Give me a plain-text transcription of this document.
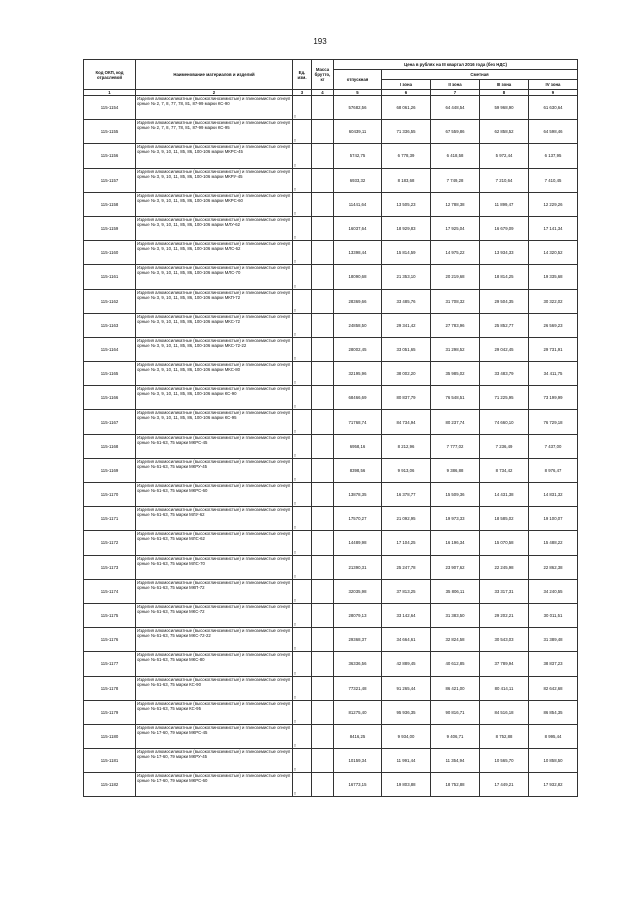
193
Код ОКП, код отраслевой	Наименование материалов и изделий	Ед. изм.	Масса брутто, кг	Цена в рублях на III квартал 2016 года (без НДС)				
				отпускная	Сметная			
					I зона	II зона	III зона	IV зона
1	2	3	4	5	6	7	8	9
115-1154	Изделия алюмосиликатные (высокоглиноземистые) и глиноземистые огнеупорные № 2, 7, 8, 77, 78, 81, 87-99 марки КС-90	т		57682,56	68 061,26	64 448,54	59 968,90	61 630,64
115-1155	Изделия алюмосиликатные (высокоглиноземистые) и глиноземистые огнеупорные № 2, 7, 8, 77, 78, 81, 87-99 марки КС-95	т		60439,11	71 336,55	67 559,86	62 858,52	64 598,46
115-1156	Изделия алюмосиликатные (высокоглиноземистые) и глиноземистые огнеупорные № 3, 9, 10, 11, 85, 86, 100-106 марки МКРС-45	т		5742,75	6 778,39	6 418,58	5 972,44	6 137,95
115-1157	Изделия алюмосиликатные (высокоглиноземистые) и глиноземистые огнеупорные № 3, 9, 10, 11, 85, 86, 100-106 марки МКРУ-45	т		6933,32	8 183,68	7 749,28	7 210,64	7 410,45
115-1158	Изделия алюмосиликатные (высокоглиноземистые) и глиноземистые огнеупорные № 3, 9, 10, 11, 85, 86, 100-106 марки МКРС-60	т		11441,64	13 505,23	12 788,38	11 899,47	12 229,26
115-1159	Изделия алюмосиликатные (высокоглиноземистые) и глиноземистые огнеупорные № 3, 9, 10, 11, 85, 86, 100-106 марки МЛУ-62	т		16037,64	18 929,83	17 925,04	16 679,09	17 141,34
115-1160	Изделия алюмосиликатные (высокоглиноземистые) и глиноземистые огнеупорные № 3, 9, 10, 11, 85, 86, 100-106 марки МЛС-62	т		13398,44	15 814,59	14 975,22	13 934,33	14 320,52
115-1161	Изделия алюмосиликатные (высокоглиноземистые) и глиноземистые огнеупорные № 3, 9, 10, 11, 85, 86, 100-106 марки МЛС-70	т		18090,68	21 353,10	20 219,68	18 814,25	19 335,68
115-1162	Изделия алюмосиликатные (высокоглиноземистые) и глиноземистые огнеупорные № 3, 9, 10, 11, 85, 86, 100-106 марки МКП-72	т		28369,66	33 485,76	31 708,32	29 504,35	30 322,02
115-1163	Изделия алюмосиликатные (высокоглиноземистые) и глиноземистые огнеупорные № 3, 9, 10, 11, 85, 86, 100-106 марки МКС-72	т		24858,50	29 341,42	27 783,96	25 852,77	26 569,23
115-1164	Изделия алюмосиликатные (высокоглиноземистые) и глиноземистые огнеупорные № 3, 9, 10, 11, 85, 86, 100-106 марки МКС-72-22	т		28002,45	33 051,65	31 298,52	29 042,45	29 731,91
115-1165	Изделия алюмосиликатные (высокоглиноземистые) и глиноземистые огнеупорные № 3, 9, 10, 11, 85, 86, 100-106 марки МКС-80	т		32195,96	38 002,20	35 985,02	33 483,79	34 411,75
115-1166	Изделия алюмосиликатные (высокоглиноземистые) и глиноземистые огнеупорные № 3, 9, 10, 11, 85, 86, 100-106 марки КС-90	т		68466,69	80 837,79	76 548,51	71 225,95	73 199,99
115-1167	Изделия алюмосиликатные (высокоглиноземистые) и глиноземистые огнеупорные № 3, 9, 10, 11, 85, 86, 100-106 марки КС-95	т		71768,74	84 734,94	80 237,74	74 660,10	76 729,18
115-1168	Изделия алюмосиликатные (высокоглиноземистые) и глиноземистые огнеупорные № 61-63, 75 марки МКРС-45	т		6958,16	8 212,96	7 777,02	7 236,49	7 437,00
115-1169	Изделия алюмосиликатные (высокоглиноземистые) и глиноземистые огнеупорные № 61-63, 75 марки МКРУ-45	т		8398,56	9 913,06	9 386,88	8 734,42	8 976,47
115-1170	Изделия алюмосиликатные (высокоглиноземистые) и глиноземистые огнеупорные № 61-63, 75 марки МКРС-60	т		13878,35	16 378,77	15 509,36	14 431,38	14 831,32
115-1171	Изделия алюмосиликатные (высокоглиноземистые) и глиноземистые огнеупорные № 61-63, 75 марки МЛУ-62	т		17570,27	21 092,95	19 973,33	18 585,02	19 100,07
115-1172	Изделия алюмосиликатные (высокоглиноземистые) и глиноземистые огнеупорные № 61-63, 75 марки МЛС-62	т		14489,98	17 104,25	16 196,34	15 070,58	15 488,22
115-1173	Изделия алюмосиликатные (высокоглиноземистые) и глиноземистые огнеупорные № 61-63, 75 марки МЛС-70	т		21390,31	25 247,78	23 907,62	22 245,98	22 862,38
115-1174	Изделия алюмосиликатные (высокоглиноземистые) и глиноземистые огнеупорные № 61-63, 75 марки МКП-72	т		32035,98	37 813,25	35 806,11	33 317,31	34 240,55
115-1175	Изделия алюмосиликатные (высокоглиноземистые) и глиноземистые огнеупорные № 61-63, 75 марки МКС-72	т		28079,13	33 142,64	31 383,50	29 202,21	30 011,51
115-1176	Изделия алюмосиликатные (высокоглиноземистые) и глиноземистые огнеупорные № 61-63, 75 марки МКС-72-22	т		29368,37	34 664,61	32 824,58	30 543,03	31 389,48
115-1177	Изделия алюмосиликатные (высокоглиноземистые) и глиноземистые огнеупорные № 61-63, 75 марки МКС-80	т		36336,56	42 889,45	40 612,85	37 789,94	38 837,23
115-1178	Изделия алюмосиликатные (высокоглиноземистые) и глиноземистые огнеупорные № 61-63, 75 марки КС-90	т		77321,48	91 265,44	86 421,00	80 414,11	82 642,68
115-1179	Изделия алюмосиликатные (высокоглиноземистые) и глиноземистые огнеупорные № 61-63, 75 марки КС-95	т		81275,40	95 936,35	90 816,71	84 516,18	86 854,35
115-1180	Изделия алюмосиликатные (высокоглиноземистые) и глиноземистые огнеупорные № 17-60, 79 марки МКРС-45	т		8416,25	9 934,00	9 406,71	8 752,88	8 995,44
115-1181	Изделия алюмосиликатные (высокоглиноземистые) и глиноземистые огнеупорные № 17-60, 79 марки МКРУ-45	т		10159,34	11 991,44	11 354,94	10 565,70	10 858,50
115-1182	Изделия алюмосиликатные (высокоглиноземистые) и глиноземистые огнеупорные № 17-60, 79 марки МКРС-60	т		16773,15	19 803,88	18 752,88	17 449,21	17 932,82
